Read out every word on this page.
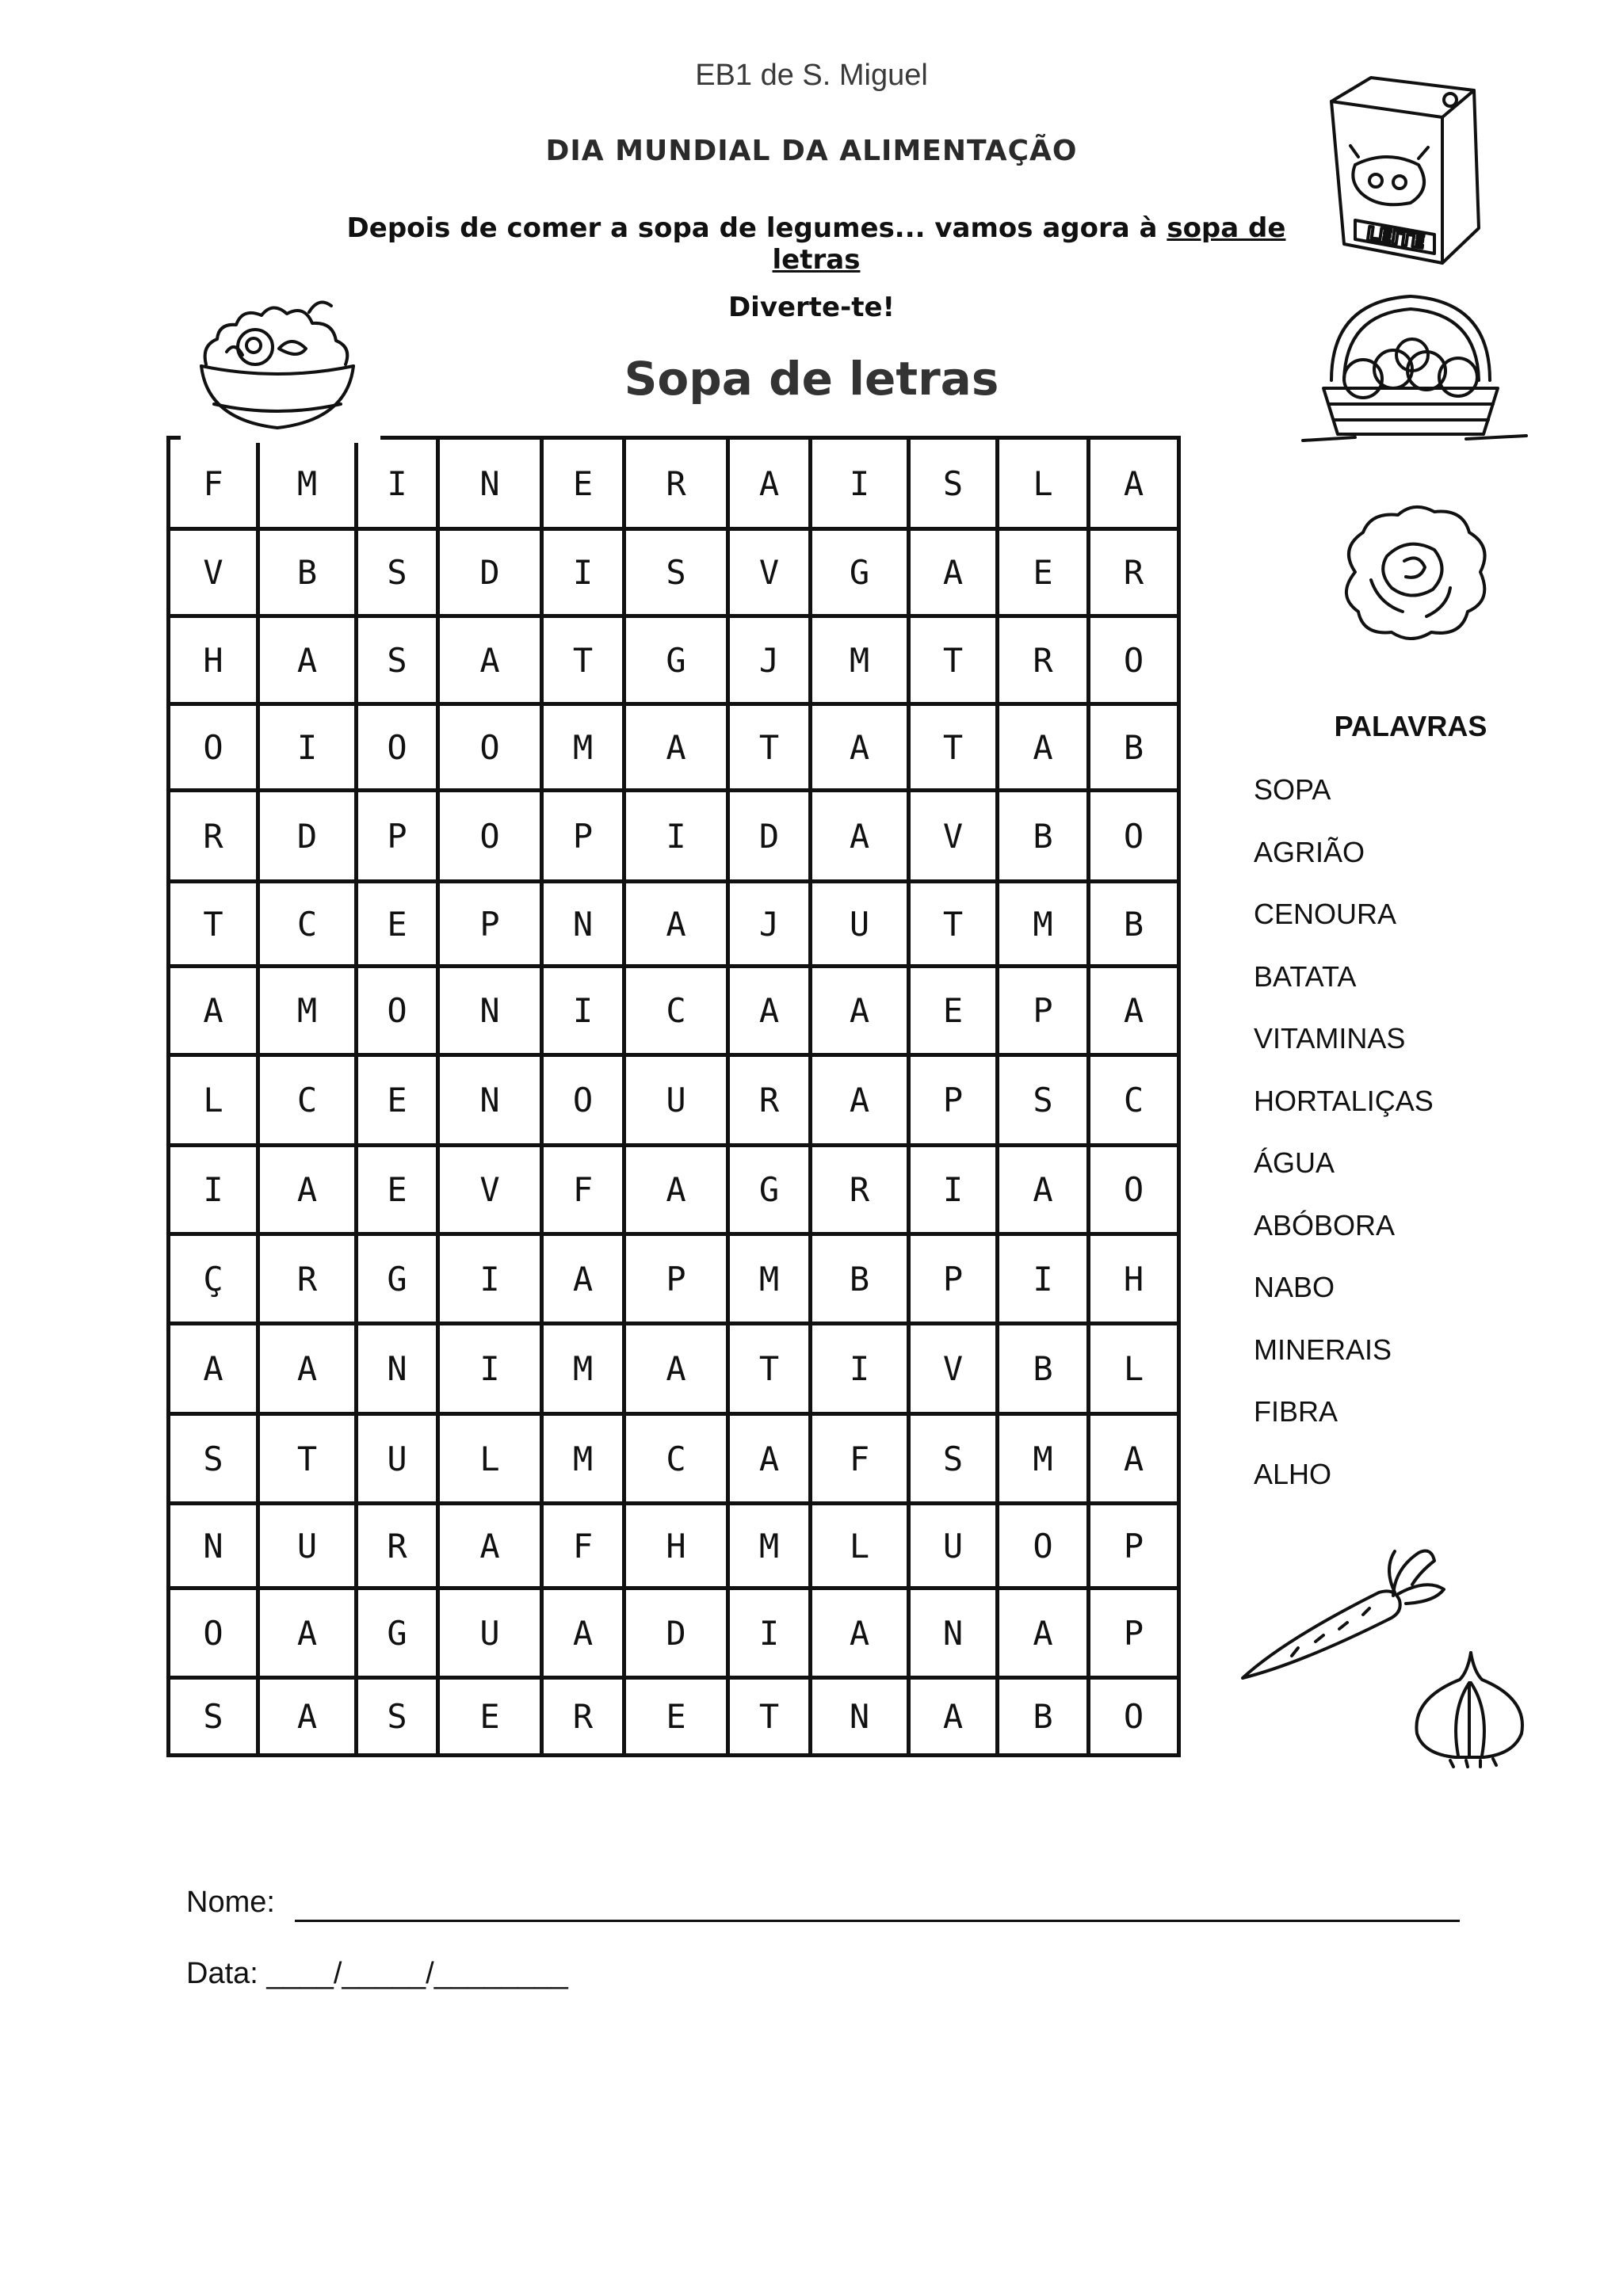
EB1 de S. Miguel
DIA MUNDIAL DA ALIMENTAÇÃO
Depois de comer a sopa de legumes... vamos agora à sopa de letras
Diverte-te!
Sopa de letras
LEITE
F	M	I	N	E	R	A	I	S	L	A
V	B	S	D	I	S	V	G	A	E	R
H	A	S	A	T	G	J	M	T	R	O
O	I	O	O	M	A	T	A	T	A	B
R	D	P	O	P	I	D	A	V	B	O
T	C	E	P	N	A	J	U	T	M	B
A	M	O	N	I	C	A	A	E	P	A
L	C	E	N	O	U	R	A	P	S	C
I	A	E	V	F	A	G	R	I	A	O
Ç	R	G	I	A	P	M	B	P	I	H
A	A	N	I	M	A	T	I	V	B	L
S	T	U	L	M	C	A	F	S	M	A
N	U	R	A	F	H	M	L	U	O	P
O	A	G	U	A	D	I	A	N	A	P
S	A	S	E	R	E	T	N	A	B	O
PALAVRAS
SOPA
AGRIÃO
CENOURA
BATATA
VITAMINAS
HORTALIÇAS
ÁGUA
ABÓBORA
NABO
MINERAIS
FIBRA
ALHO
Nome:
Data: ____/_____/________
